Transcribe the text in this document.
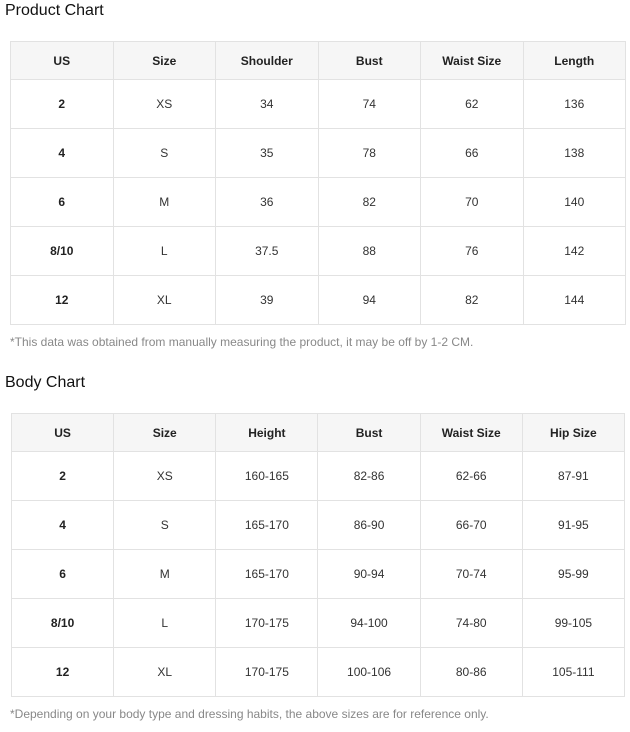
Product Chart
US	Size	Shoulder	Bust	Waist Size	Length
2	XS	34	74	62	136
4	S	35	78	66	138
6	M	36	82	70	140
8/10	L	37.5	88	76	142
12	XL	39	94	82	144
*This data was obtained from manually measuring the product, it may be off by 1-2 CM.
Body Chart
US	Size	Height	Bust	Waist Size	Hip Size
2	XS	160-165	82-86	62-66	87-91
4	S	165-170	86-90	66-70	91-95
6	M	165-170	90-94	70-74	95-99
8/10	L	170-175	94-100	74-80	99-105
12	XL	170-175	100-106	80-86	105-111
*Depending on your body type and dressing habits, the above sizes are for reference only.
